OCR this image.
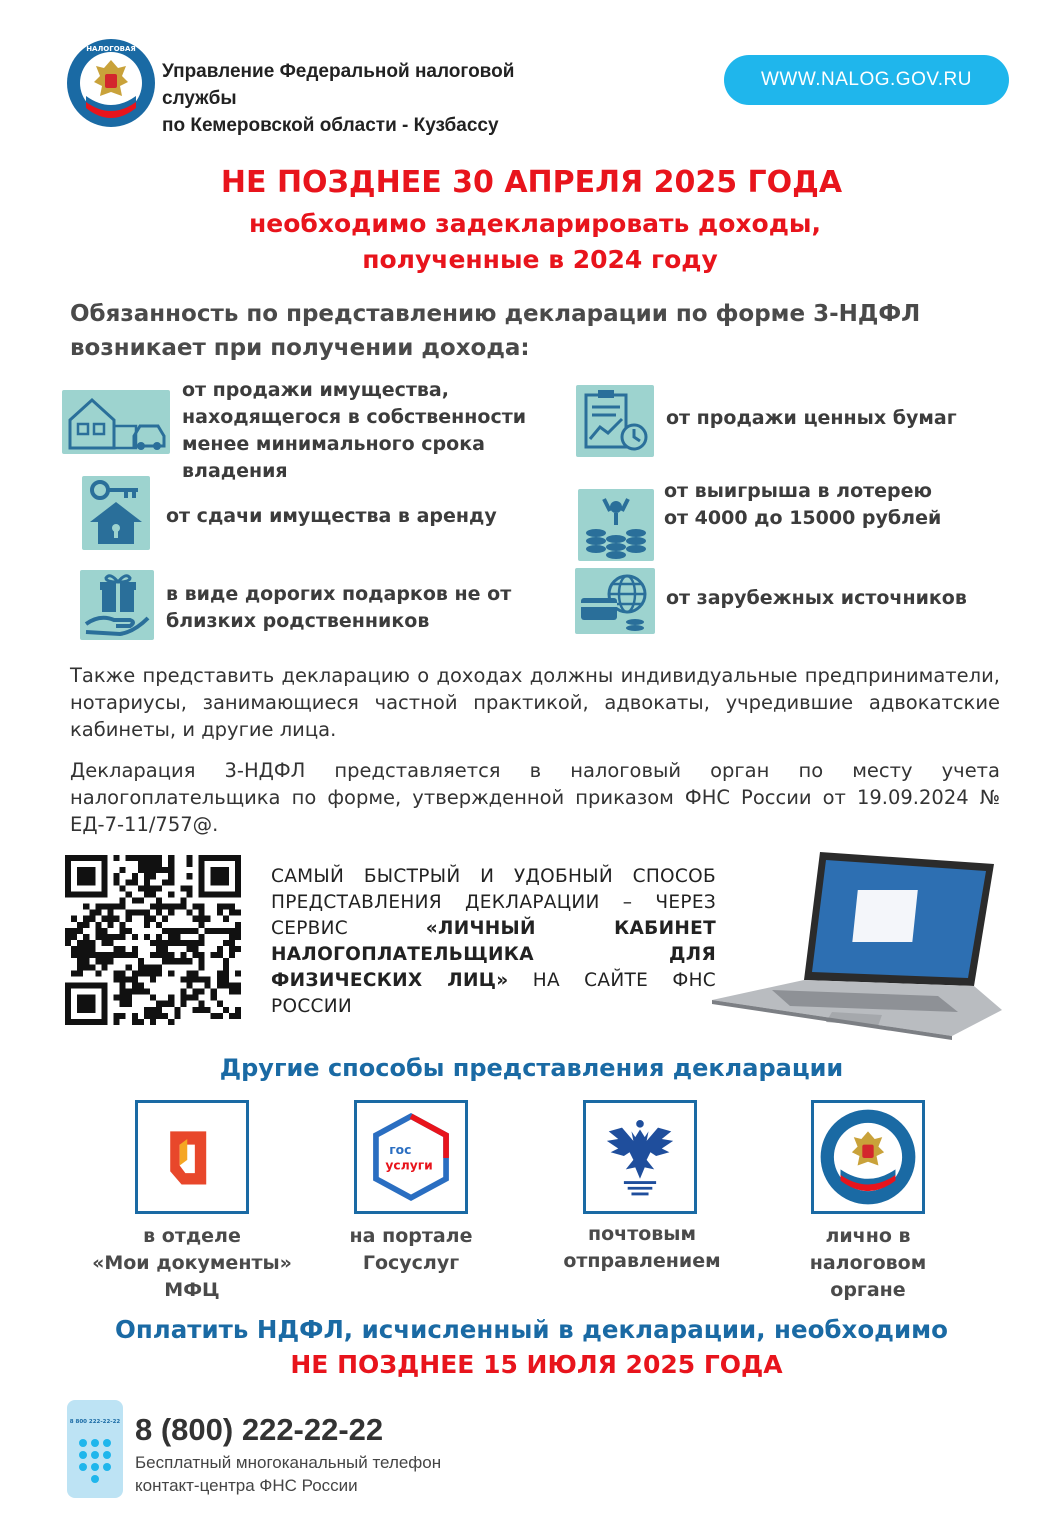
НАЛОГОВАЯ
Управление Федеральной налоговой службы
по Кемеровской области - Кузбассу
WWW.NALOG.GOV.RU
НЕ ПОЗДНЕЕ 30 АПРЕЛЯ 2025 ГОДА
необходимо задекларировать доходы,
полученные в 2024 году
Обязанность по представлению декларации по форме 3-НДФЛ
возникает при получении дохода:
от продажи имущества, находящегося в собственности менее минимального срока владения
от сдачи имущества в аренду
в виде дорогих подарков не от близких родственников
от продажи ценных бумаг
от выигрыша в лотерею
от 4000 до 15000 рублей
от зарубежных источников
Также представить декларацию о доходах должны индивидуальные предприниматели, нотариусы, занимающиеся частной практикой, адвокаты, учредившие адвокатские кабинеты, и другие лица.
Декларация 3-НДФЛ представляется в налоговый орган по месту учета налогоплательщика по форме, утвержденной приказом ФНС России от 19.09.2024 № ЕД-7-11/757@.
САМЫЙ БЫСТРЫЙ И УДОБНЫЙ СПОСОБ ПРЕДСТАВЛЕНИЯ ДЕКЛАРАЦИИ – ЧЕРЕЗ СЕРВИС «ЛИЧНЫЙ КАБИНЕТ НАЛОГОПЛАТЕЛЬЩИКА ДЛЯ ФИЗИЧЕСКИХ ЛИЦ» НА САЙТЕ ФНС РОССИИ
Другие способы представления декларации
в отделе
«Мои документы»
МФЦ
гос
услуги
на портале
Госуслуг
почтовым
отправлением
лично в
налоговом
органе
Оплатить НДФЛ, исчисленный в декларации, необходимо
НЕ ПОЗДНЕЕ 15 ИЮЛЯ 2025 ГОДА
8 800 222-22-22 8 (800) 222-22-22
Бесплатный многоканальный телефон
контакт-центра ФНС России
